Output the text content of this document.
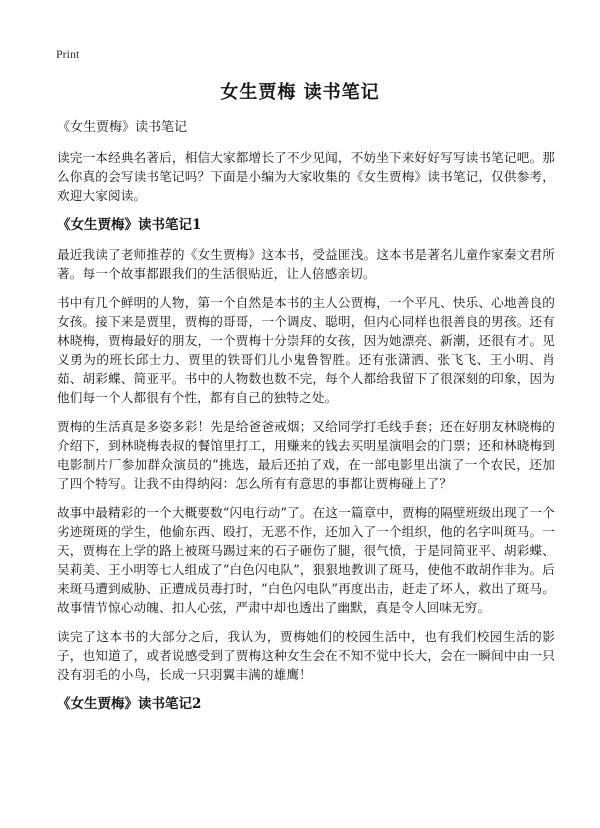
Print
女生贾梅 读书笔记
《女生贾梅》读书笔记

读完一本经典名著后，相信大家都增长了不少见闻，不妨坐下来好好写写读书笔记吧。那么你真的会写读书笔记吗？下面是小编为大家收集的《女生贾梅》读书笔记，仅供参考，欢迎大家阅读。

《女生贾梅》读书笔记1

最近我读了老师推荐的《女生贾梅》这本书，受益匪浅。这本书是著名儿童作家秦文君所著。每一个故事都跟我们的生活很贴近，让人倍感亲切。

书中有几个鲜明的人物，第一个自然是本书的主人公贾梅，一个平凡、快乐、心地善良的女孩。接下来是贾里，贾梅的哥哥，一个调皮、聪明，但内心同样也很善良的男孩。还有林晓梅，贾梅最好的朋友，一个贾梅十分崇拜的女孩，因为她漂亮、新潮，还很有才。见义勇为的班长邱士力、贾里的铁哥们儿小鬼鲁智胜。还有张潇洒、张飞飞、王小明、肖茹、胡彩蝶、简亚平。书中的人物数也数不完，每个人都给我留下了很深刻的印象，因为他们每一个人都很有个性，都有自己的独特之处。

贾梅的生活真是多姿多彩！先是给爸爸戒烟；又给同学打毛线手套；还在好朋友林晓梅的介绍下，到林晓梅表叔的餐馆里打工，用赚来的钱去买明星演唱会的门票；还和林晓梅到电影制片厂参加群众演员的“挑选，最后还拍了戏，在一部电影里出演了一个农民，还加了四个特写。让我不由得纳闷：怎么所有有意思的事都让贾梅碰上了？

故事中最精彩的一个大概要数“闪电行动”了。在这一篇章中，贾梅的隔壁班级出现了一个劣迹斑斑的学生，他偷东西、殴打，无恶不作，还加入了一个组织，他的名字叫斑马。一天，贾梅在上学的路上被斑马踢过来的石子砸伤了腿，很气愤，于是同简亚平、胡彩蝶、吴莉美、王小明等七人组成了“白色闪电队”，狠狠地教训了斑马，使他不敢胡作非为。后来斑马遭到威胁、正遭成员毒打时，“白色闪电队”再度出击，赶走了坏人，救出了斑马。故事情节惊心动魄、扣人心弦，严肃中却也透出了幽默，真是令人回味无穷。

读完了这本书的大部分之后，我认为，贾梅她们的校园生活中，也有我们校园生活的影子，也知道了，或者说感受到了贾梅这种女生会在不知不觉中长大，会在一瞬间中由一只没有羽毛的小鸟，长成一只羽翼丰满的雄鹰！

《女生贾梅》读书笔记2
